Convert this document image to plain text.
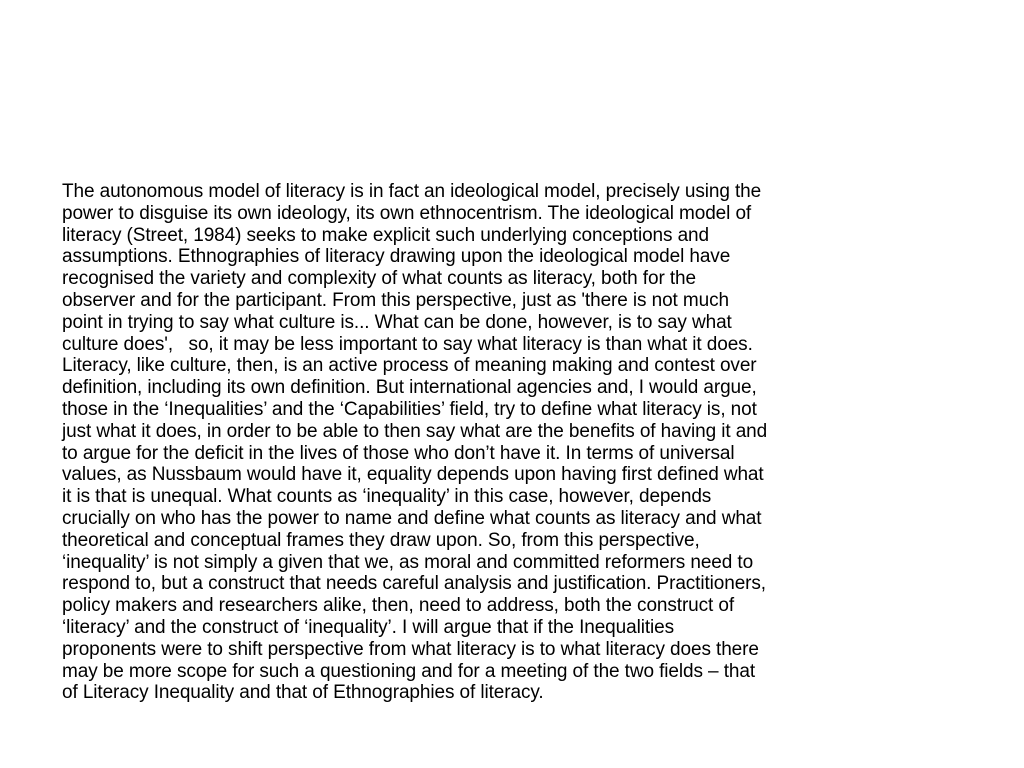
The autonomous model of literacy is in fact an ideological model, precisely using the
power to disguise its own ideology, its own ethnocentrism. The ideological model of
literacy (Street, 1984) seeks to make explicit such underlying conceptions and
assumptions. Ethnographies of literacy drawing upon the ideological model have
recognised the variety and complexity of what counts as literacy, both for the
observer and for the participant. From this perspective, just as 'there is not much
point in trying to say what culture is... What can be done, however, is to say what
culture does',   so, it may be less important to say what literacy is than what it does.
Literacy, like culture, then, is an active process of meaning making and contest over
definition, including its own definition. But international agencies and, I would argue,
those in the ‘Inequalities’ and the ‘Capabilities’ field, try to define what literacy is, not
just what it does, in order to be able to then say what are the benefits of having it and
to argue for the deficit in the lives of those who don’t have it. In terms of universal
values, as Nussbaum would have it, equality depends upon having first defined what
it is that is unequal. What counts as ‘inequality’ in this case, however, depends
crucially on who has the power to name and define what counts as literacy and what
theoretical and conceptual frames they draw upon. So, from this perspective,
‘inequality’ is not simply a given that we, as moral and committed reformers need to
respond to, but a construct that needs careful analysis and justification. Practitioners,
policy makers and researchers alike, then, need to address, both the construct of
‘literacy’ and the construct of ‘inequality’. I will argue that if the Inequalities
proponents were to shift perspective from what literacy is to what literacy does there
may be more scope for such a questioning and for a meeting of the two fields – that
of Literacy Inequality and that of Ethnographies of literacy.
